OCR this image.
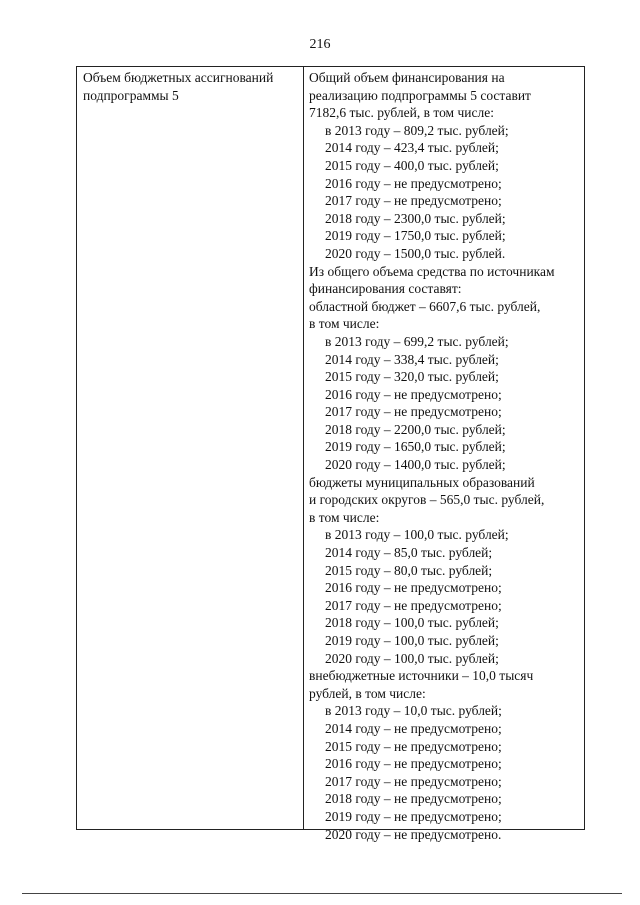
216
Объем бюджетных ассигнований
подпрограммы 5
Общий объем финансирования на
реализацию подпрограммы 5 составит
7182,6 тыс. рублей, в том числе:
в 2013 году – 809,2 тыс. рублей;
2014 году – 423,4 тыс. рублей;
2015 году – 400,0 тыс. рублей;
2016 году – не предусмотрено;
2017 году – не предусмотрено;
2018 году – 2300,0 тыс. рублей;
2019 году – 1750,0 тыс. рублей;
2020 году – 1500,0 тыс. рублей.
Из общего объема средства по источникам
финансирования составят:
областной бюджет – 6607,6 тыс. рублей,
в том числе:
в 2013 году – 699,2 тыс. рублей;
2014 году – 338,4 тыс. рублей;
2015 году – 320,0 тыс. рублей;
2016 году – не предусмотрено;
2017 году – не предусмотрено;
2018 году – 2200,0 тыс. рублей;
2019 году – 1650,0 тыс. рублей;
2020 году – 1400,0 тыс. рублей;
бюджеты муниципальных образований
и городских округов – 565,0 тыс. рублей,
в том числе:
в 2013 году – 100,0 тыс. рублей;
2014 году – 85,0 тыс. рублей;
2015 году – 80,0 тыс. рублей;
2016 году – не предусмотрено;
2017 году – не предусмотрено;
2018 году – 100,0 тыс. рублей;
2019 году – 100,0 тыс. рублей;
2020 году – 100,0 тыс. рублей;
внебюджетные источники – 10,0 тысяч
рублей, в том числе:
в 2013 году – 10,0 тыс. рублей;
2014 году – не предусмотрено;
2015 году – не предусмотрено;
2016 году – не предусмотрено;
2017 году – не предусмотрено;
2018 году – не предусмотрено;
2019 году – не предусмотрено;
2020 году – не предусмотрено.
